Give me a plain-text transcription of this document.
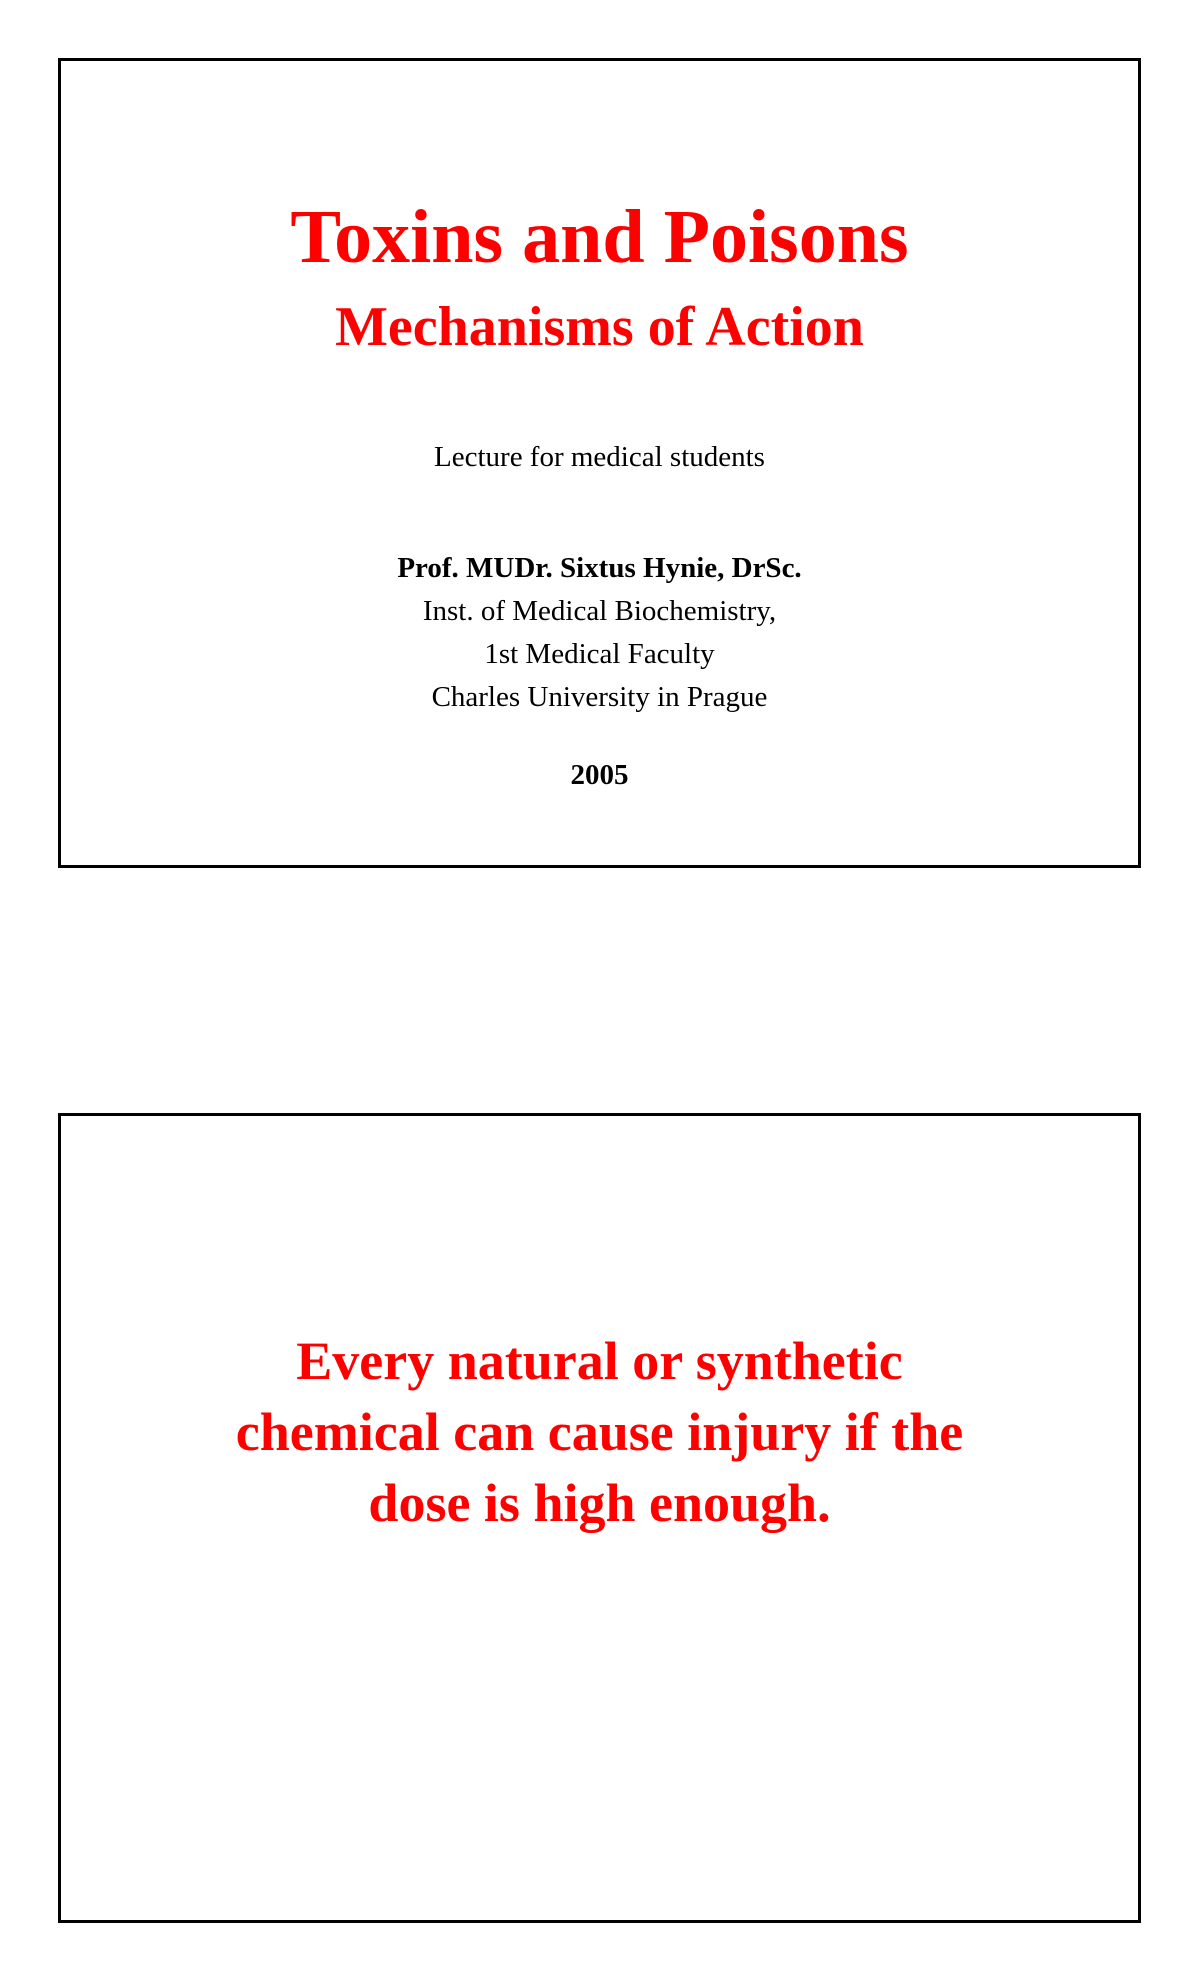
Toxins and Poisons
Mechanisms of Action
Lecture for medical students
Prof. MUDr. Sixtus Hynie, DrSc.
Inst. of Medical Biochemistry,
1st Medical Faculty
Charles University in Prague
2005

Every natural or synthetic
chemical can cause injury if the
dose is high enough.
